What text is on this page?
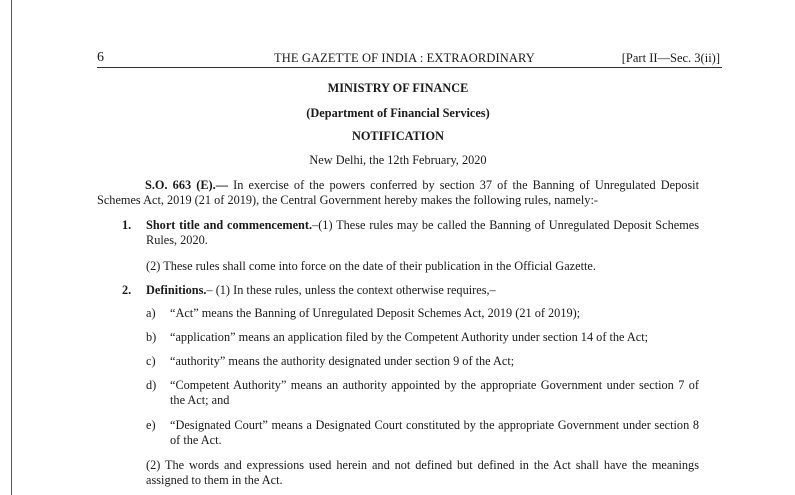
6	THE GAZETTE OF INDIA : EXTRAORDINARY	[Part II—Sec. 3(ii)]
MINISTRY OF FINANCE
(Department of Financial Services)
NOTIFICATION
New Delhi, the 12th February, 2020
S.O. 663 (E).— In exercise of the powers conferred by section 37 of the Banning of Unregulated Deposit Schemes Act, 2019 (21 of 2019), the Central Government hereby makes the following rules, namely:-
1. Short title and commencement.–(1) These rules may be called the Banning of Unregulated Deposit Schemes Rules, 2020.
(2) These rules shall come into force on the date of their publication in the Official Gazette.
2. Definitions.– (1) In these rules, unless the context otherwise requires,–
a) “Act” means the Banning of Unregulated Deposit Schemes Act, 2019 (21 of 2019);
b) “application” means an application filed by the Competent Authority under section 14 of the Act;
c) “authority” means the authority designated under section 9 of the Act;
d) “Competent Authority” means an authority appointed by the appropriate Government under section 7 of the Act; and
e) “Designated Court” means a Designated Court constituted by the appropriate Government under section 8 of the Act.
(2) The words and expressions used herein and not defined but defined in the Act shall have the meanings assigned to them in the Act.
